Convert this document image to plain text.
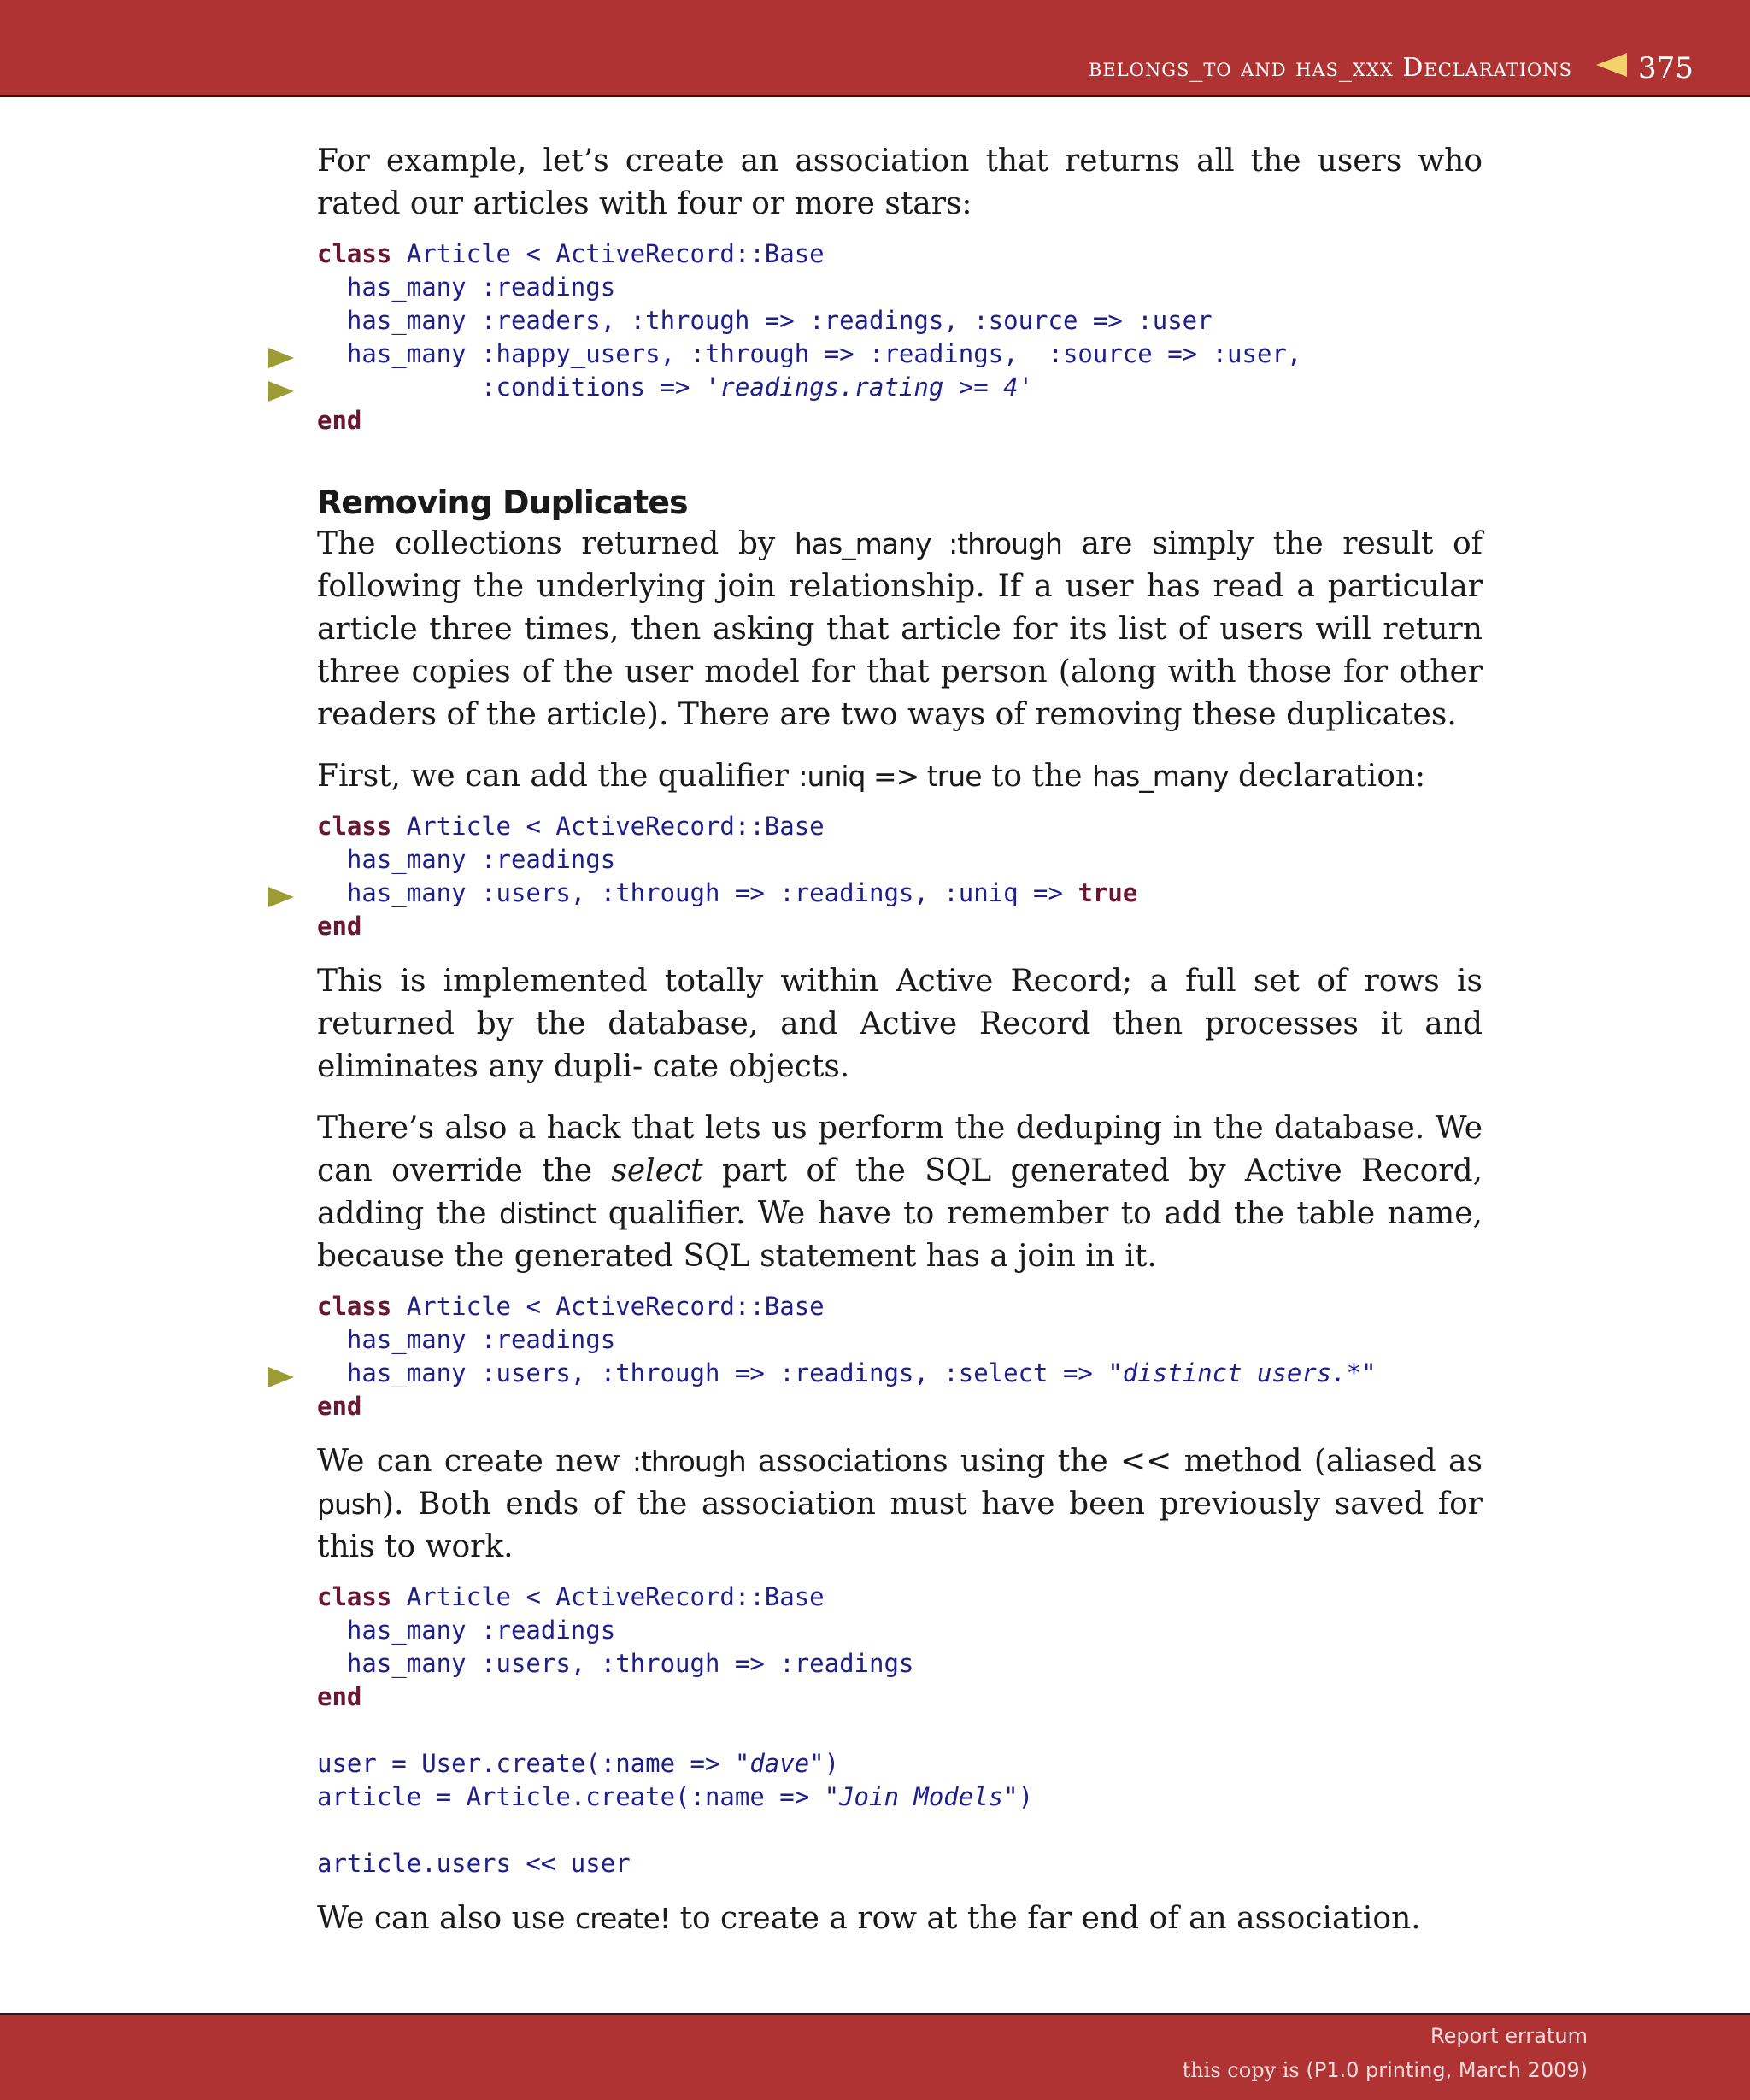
belongs_to and has_xxx Declarations 375

For example, let’s create an association that returns all the users who rated our articles with four or more stars:

class Article < ActiveRecord::Base
has_many :readings
has_many :readers, :through => :readings, :source => :user

has_many :happy_users, :through => :readings,  :source => :user,

:conditions => 'readings.rating >= 4'
end
Removing Duplicates

The collections returned by has_many :through are simply the result of following the underlying join relationship. If a user has read a particular article three times, then asking that article for its list of users will return three copies of the user model for that person (along with those for other readers of the article). There are two ways of removing these duplicates.

First, we can add the qualifier :uniq => true to the has_many declaration:

class Article < ActiveRecord::Base
has_many :readings

has_many :users, :through => :readings, :uniq => true
end

This is implemented totally within Active Record; a full set of rows is returned by the database, and Active Record then processes it and eliminates any dupli- cate objects.

There’s also a hack that lets us perform the deduping in the database. We can override the select part of the SQL generated by Active Record, adding the distinct qualifier. We have to remember to add the table name, because the generated SQL statement has a join in it.

class Article < ActiveRecord::Base
has_many :readings

has_many :users, :through => :readings, :select => "distinct users.*"
end

We can create new :through associations using the << method (aliased as push). Both ends of the association must have been previously saved for this to work.

class Article < ActiveRecord::Base
has_many :readings
has_many :users, :through => :readings
end

user = User.create(:name => "dave")
article = Article.create(:name => "Join Models")

article.users << user

We can also use create! to create a row at the far end of an association.

Report erratum
this copy is (P1.0 printing, March 2009)
